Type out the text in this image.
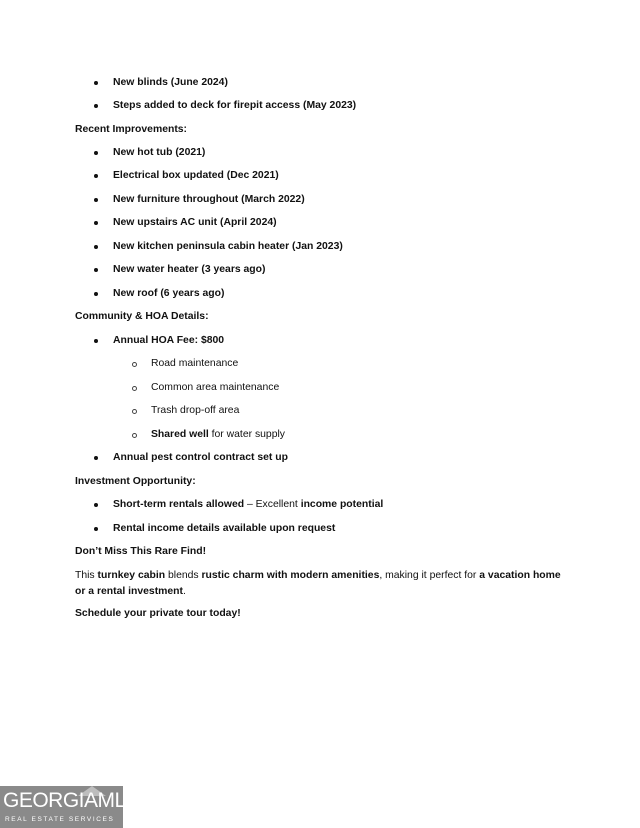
New blinds (June 2024)
Steps added to deck for firepit access (May 2023)
Recent Improvements:
New hot tub (2021)
Electrical box updated (Dec 2021)
New furniture throughout (March 2022)
New upstairs AC unit (April 2024)
New kitchen peninsula cabin heater (Jan 2023)
New water heater (3 years ago)
New roof (6 years ago)
Community & HOA Details:
Annual HOA Fee: $800
Road maintenance
Common area maintenance
Trash drop-off area
Shared well for water supply
Annual pest control contract set up
Investment Opportunity:
Short-term rentals allowed – Excellent income potential
Rental income details available upon request
Don’t Miss This Rare Find!
This turnkey cabin blends rustic charm with modern amenities, making it perfect for a vacation home or a rental investment.
Schedule your private tour today!
GEORGIAMLS
REAL ESTATE SERVICES
